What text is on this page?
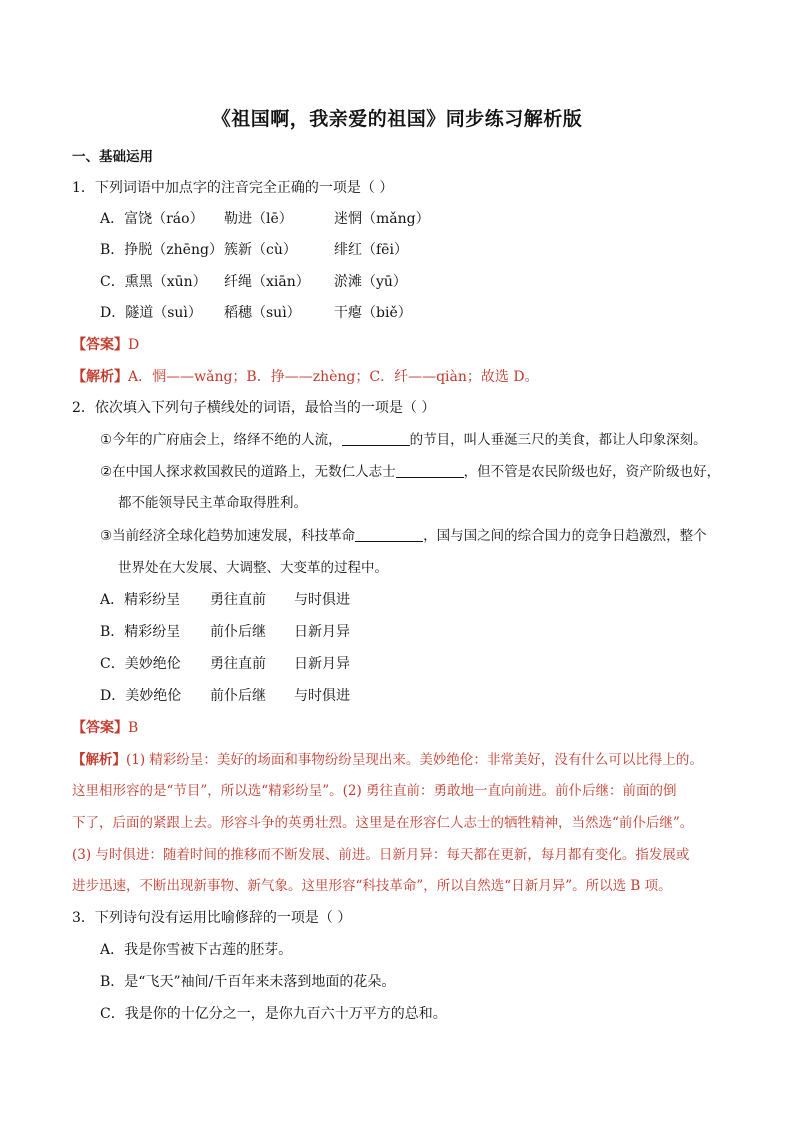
《祖国啊，我亲爱的祖国》同步练习解析版
一、基础运用
1．下列词语中加点字的注音完全正确的一项是（ ）
A．富饶（ráo） 勒进（lē）	迷惘（mǎng）
B．挣脱（zhēng）簇新（cù）	绯红（fēi）
C．熏黑（xūn） 纤绳（xiān） 淤滩（yū）
D．隧道（suì） 稻穗（suì） 干瘪（biě）
【答案】D
【解析】A．惘——wǎng；B．挣——zhèng；C．纤——qiàn；故选 D。
2．依次填入下列句子横线处的词语，最恰当的一项是（ ）
①今年的广府庙会上，络绎不绝的人流，	的节目，叫人垂涎三尺的美食，都让人印象深刻。
②在中国人探求救国救民的道路上，无数仁人志士	，但不管是农民阶级也好，资产阶级也好，
都不能领导民主革命取得胜利。
③当前经济全球化趋势加速发展，科技革命	，国与国之间的综合国力的竞争日趋激烈，整个
世界处在大发展、大调整、大变革的过程中。
A．精彩纷呈 勇往直前 与时俱进
B．精彩纷呈 前仆后继 日新月异
C．美妙绝伦 勇往直前 日新月异
D．美妙绝伦 前仆后继 与时俱进
【答案】B
【解析】(1) 精彩纷呈：美好的场面和事物纷纷呈现出来。美妙绝伦：非常美好，没有什么可以比得上的。
这里相形容的是“节目”，所以选“精彩纷呈”。(2) 勇往直前：勇敢地一直向前进。前仆后继：前面的倒
下了，后面的紧跟上去。形容斗争的英勇壮烈。这里是在形容仁人志士的牺牲精神，当然选“前仆后继”。
(3) 与时俱进：随着时间的推移而不断发展、前进。日新月异：每天都在更新，每月都有变化。指发展或
进步迅速，不断出现新事物、新气象。这里形容“科技革命”，所以自然选“日新月异”。所以选 B 项。
3．下列诗句没有运用比喻修辞的一项是（ ）
A．我是你雪被下古莲的胚芽。
B．是“飞天”袖间/千百年来未落到地面的花朵。
C．我是你的十亿分之一，是你九百六十万平方的总和。
